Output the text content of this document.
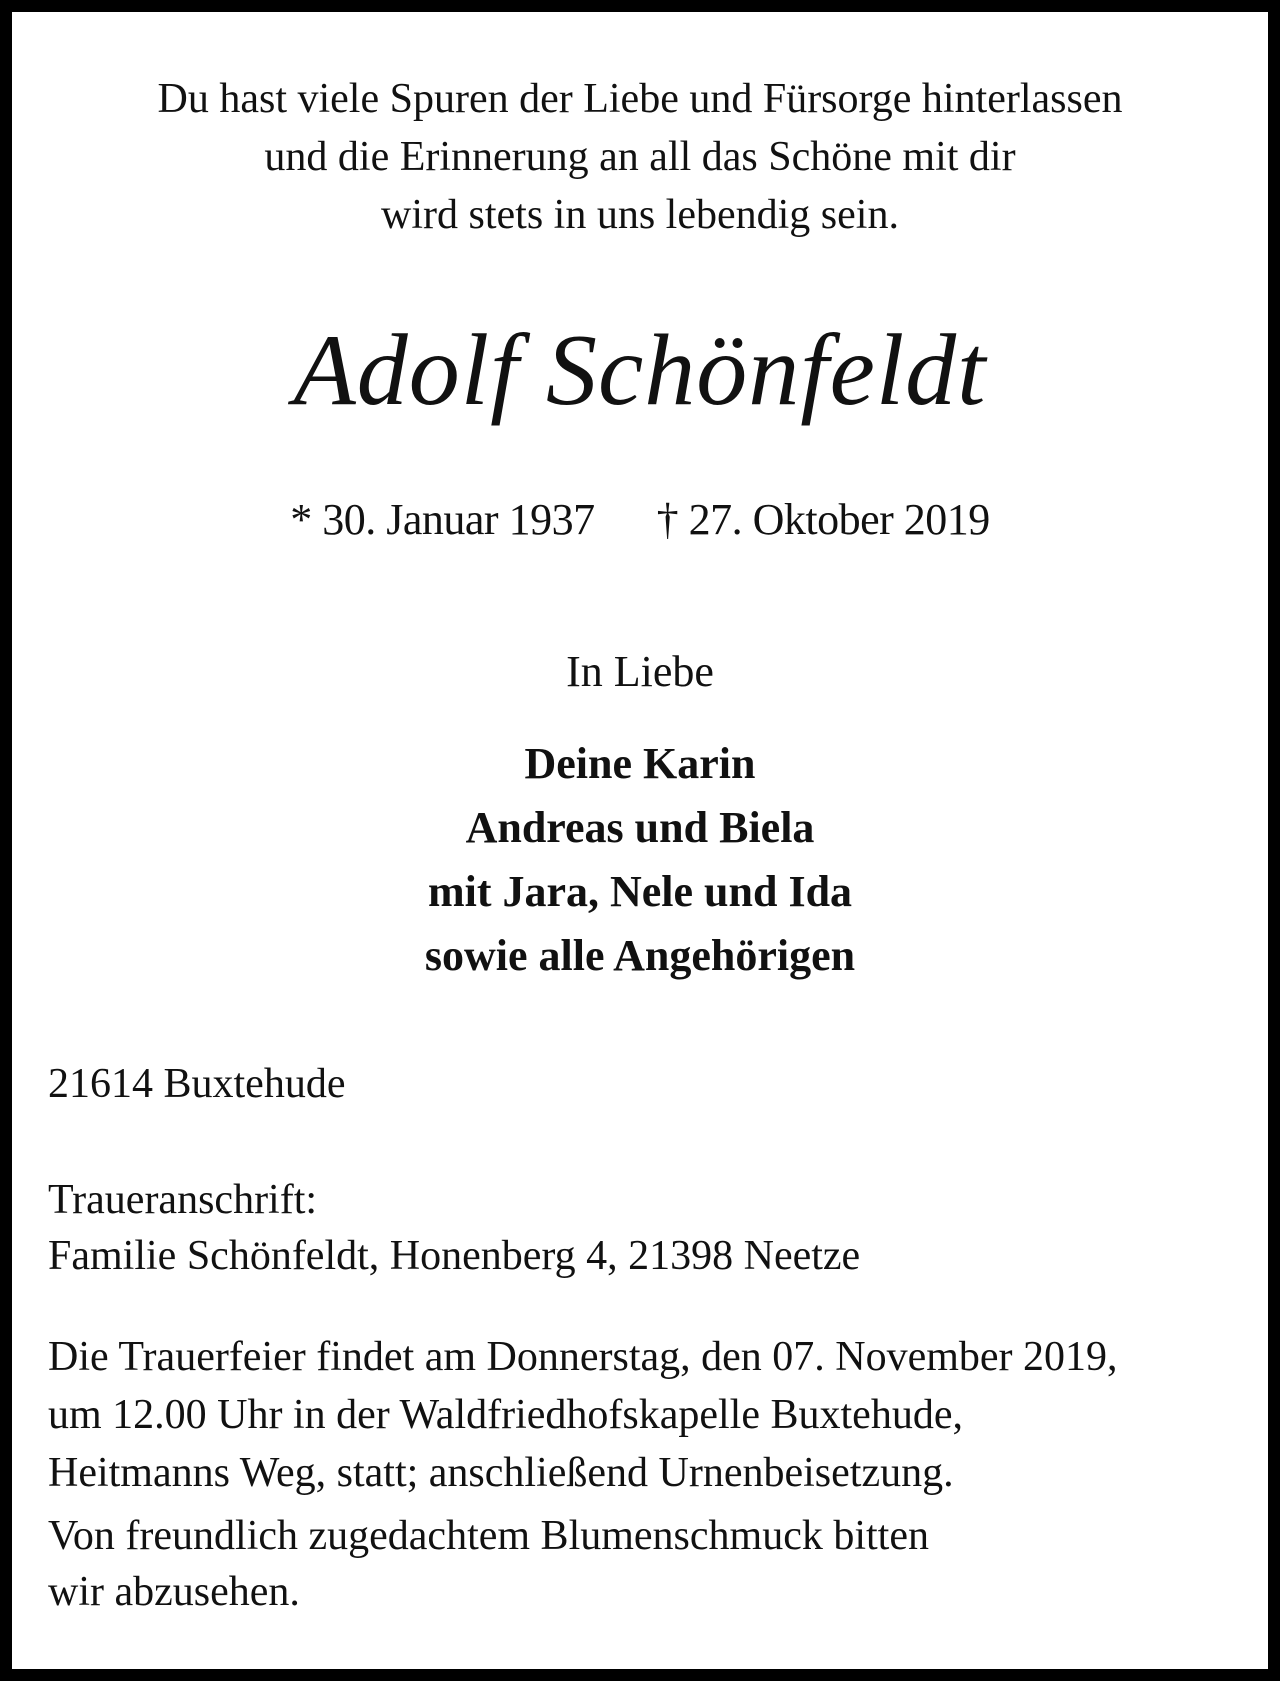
Du hast viele Spuren der Liebe und Fürsorge hinterlassen
und die Erinnerung an all das Schöne mit dir
wird stets in uns lebendig sein.

Adolf Schönfeldt

* 30. Januar 1937 † 27. Oktober 2019

In Liebe

Deine Karin
Andreas und Biela
mit Jara, Nele und Ida
sowie alle Angehörigen

21614 Buxtehude

Traueranschrift:
Familie Schönfeldt, Honenberg 4, 21398 Neetze

Die Trauerfeier findet am Donnerstag, den 07. November 2019,
um 12.00 Uhr in der Waldfriedhofskapelle Buxtehude,
Heitmanns Weg, statt; anschließend Urnenbeisetzung.

Von freundlich zugedachtem Blumenschmuck bitten
wir abzusehen.
